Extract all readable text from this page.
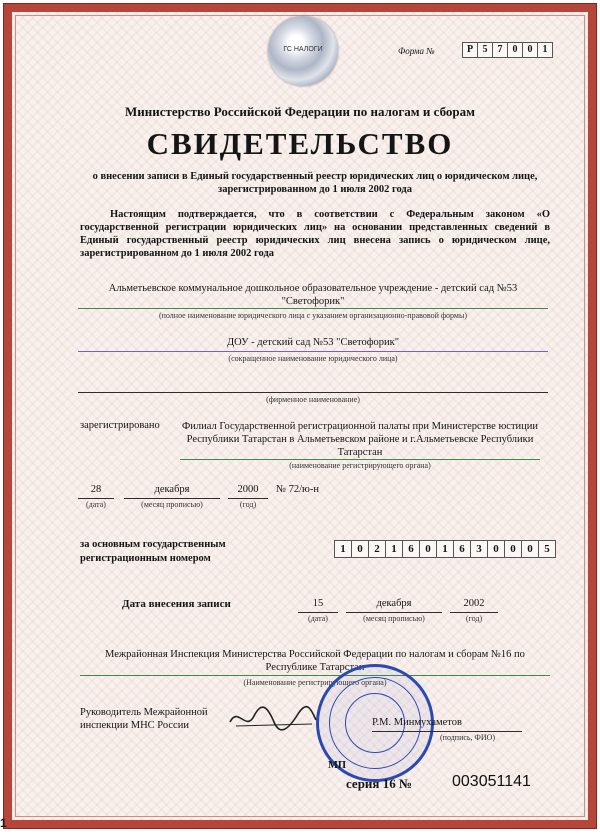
ГС НАЛОГИ	Форма №	Р 5	7	0	0	1
Министерство Российской Федерации по налогам и сборам
СВИДЕТЕЛЬСТВО
о внесении записи в Единый государственный реестр юридических лиц о юридическом лице, зарегистрированном до 1 июля 2002 года
Настоящим подтверждается, что в соответствии с Федеральным законом «О государственной регистрации юридических лиц» на основании представленных сведений в Единый государственный реестр юридических лиц внесена запись о юридическом лице, зарегистрированном до 1 июля 2002 года
Альметьевское коммунальное дошкольное образовательное учреждение - детский сад №53 "Светофорик"
(полное наименование юридического лица с указанием организационно-правовой формы)
ДОУ - детский сад №53 "Светофорик"
(сокращенное наименование юридического лица)
(фирменное наименование)
зарегистрировано Филиал Государственной регистрационной палаты при Министерстве юстиции Республики Татарстан в Альметьевском районе и г.Альметьевске Республики Татарстан
(наименование регистрирующего органа)
28
(дата)
декабря
(месяц прописью)
2000
(год)
№ 72/ю-н
за основным государственным регистрационным номером
1	0	2	1	6	0	1	6	3	0	0	0	5
Дата внесения записи	15
(дата)
декабря
(месяц прописью)
2002
(год)
Межрайонная Инспекция Министерства Российской Федерации по налогам и сборам №16 по Республике Татарстан
(Наименование регистрирующего органа)
Руководитель Межрайонной инспекции МНС России	Р.М. Минмухаметов
(подпись, ФИО)
МП
серия 16 № 003051141
1
